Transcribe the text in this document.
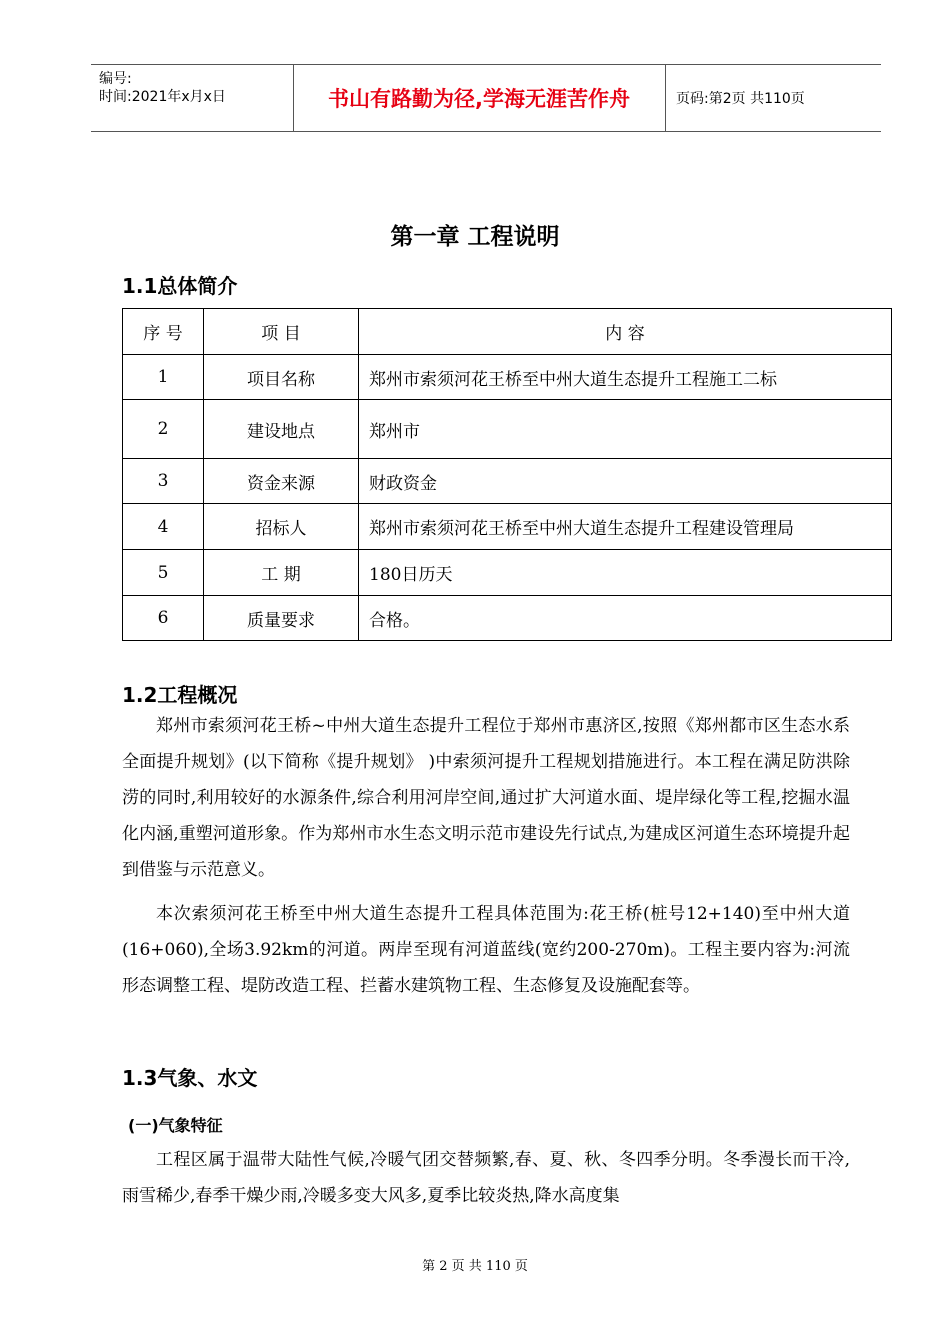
编号:
时间:2021年x月x日	书山有路勤为径,学海无涯苦作舟	页码:第2页 共110页
第一章 工程说明
1.1总体简介
序 号	项 目	内 容
1	项目名称	郑州市索须河花王桥至中州大道生态提升工程施工二标
2	建设地点	郑州市
3	资金来源	财政资金
4	招标人	郑州市索须河花王桥至中州大道生态提升工程建设管理局
5	工 期	180日历天
6	质量要求	合格。
1.2工程概况
郑州市索须河花王桥~中州大道生态提升工程位于郑州市惠济区,按照《郑州都市区生态水系全面提升规划》(以下简称《提升规划》 )中索须河提升工程规划措施进行。本工程在满足防洪除涝的同时,利用较好的水源条件,综合利用河岸空间,通过扩大河道水面、堤岸绿化等工程,挖掘水温化内涵,重塑河道形象。作为郑州市水生态文明示范市建设先行试点,为建成区河道生态环境提升起到借鉴与示范意义。
本次索须河花王桥至中州大道生态提升工程具体范围为:花王桥(桩号12+140)至中州大道(16+060),全场3.92km的河道。两岸至现有河道蓝线(宽约200-270m)。工程主要内容为:河流形态调整工程、堤防改造工程、拦蓄水建筑物工程、生态修复及设施配套等。
1.3气象、水文
(一)气象特征
工程区属于温带大陆性气候,冷暖气团交替频繁,春、夏、秋、冬四季分明。冬季漫长而干冷,雨雪稀少,春季干燥少雨,冷暖多变大风多,夏季比较炎热,降水高度集
第 2 页 共 110 页
